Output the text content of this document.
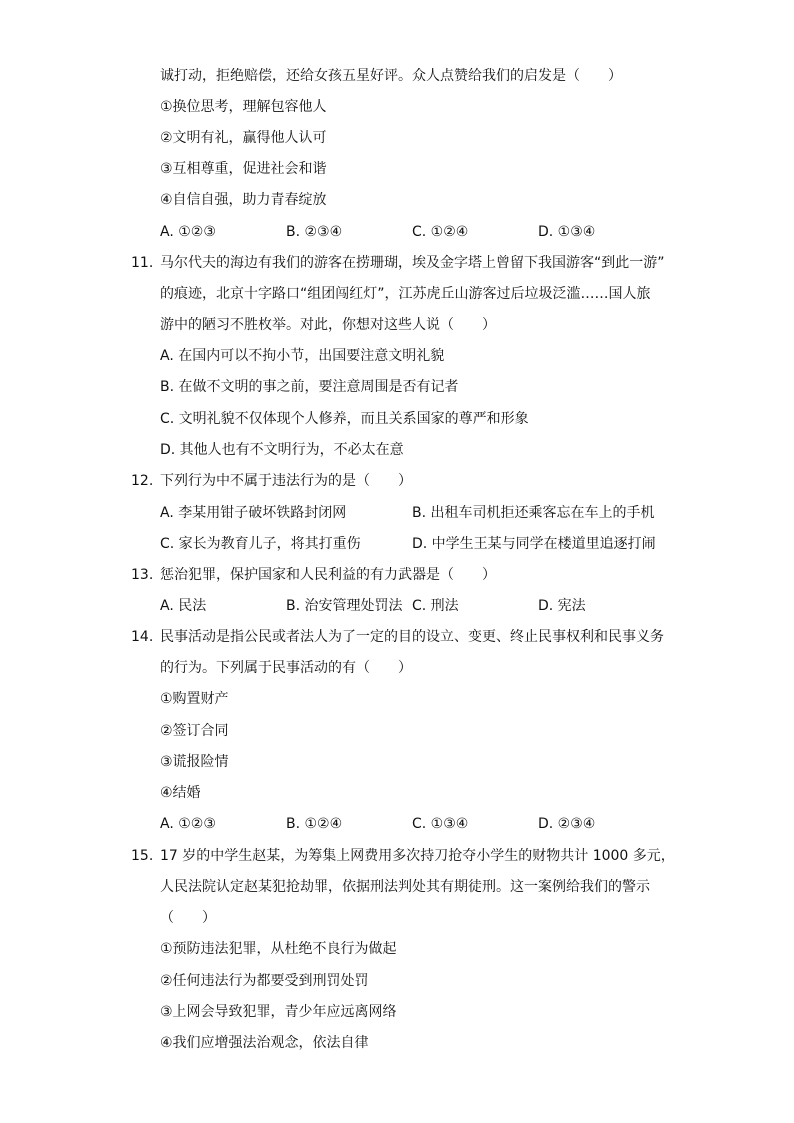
诚打动，拒绝赔偿，还给女孩五星好评。众人点赞给我们的启发是（　　）
①换位思考，理解包容他人
②文明有礼，赢得他人认可
③互相尊重，促进社会和谐
④自信自强，助力青春绽放
A. ①②③	B. ②③④	C. ①②④	D. ①③④
11. 马尔代夫的海边有我们的游客在捞珊瑚，埃及金字塔上曾留下我国游客“到此一游”
的痕迹，北京十字路口“组团闯红灯”，江苏虎丘山游客过后垃圾泛滥……国人旅
游中的陋习不胜枚举。对此，你想对这些人说（　　）
A. 在国内可以不拘小节，出国要注意文明礼貌
B. 在做不文明的事之前，要注意周围是否有记者
C. 文明礼貌不仅体现个人修养，而且关系国家的尊严和形象
D. 其他人也有不文明行为，不必太在意
12. 下列行为中不属于违法行为的是（　　）
A. 李某用钳子破坏铁路封闭网	B. 出租车司机拒还乘客忘在车上的手机
C. 家长为教育儿子，将其打重伤	D. 中学生王某与同学在楼道里追逐打闹
13. 惩治犯罪，保护国家和人民利益的有力武器是（　　）
A. 民法	B. 治安管理处罚法 C. 刑法	D. 宪法
14. 民事活动是指公民或者法人为了一定的目的设立、变更、终止民事权利和民事义务
的行为。下列属于民事活动的有（　　）
①购置财产
②签订合同
③谎报险情
④结婚
A. ①②③	B. ①②④	C. ①③④	D. ②③④
15. 17 岁的中学生赵某，为筹集上网费用多次持刀抢夺小学生的财物共计 1000 多元，
人民法院认定赵某犯抢劫罪，依据刑法判处其有期徒刑。这一案例给我们的警示
（　　）
①预防违法犯罪，从杜绝不良行为做起
②任何违法行为都要受到刑罚处罚
③上网会导致犯罪，青少年应远离网络
④我们应增强法治观念，依法自律
